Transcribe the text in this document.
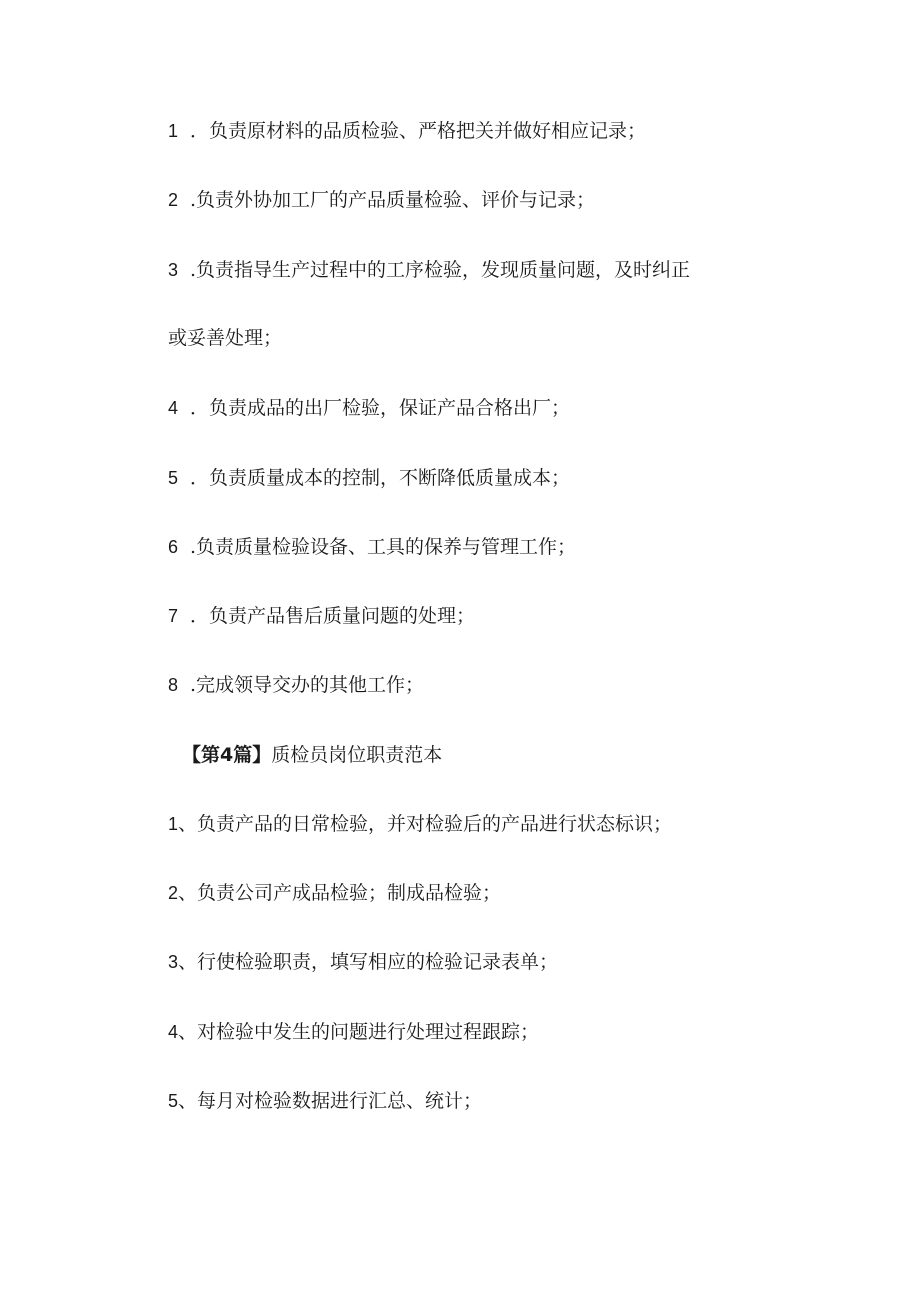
1 ．负责原材料的品质检验、严格把关并做好相应记录；
2 .负责外协加工厂的产品质量检验、评价与记录；
3 .负责指导生产过程中的工序检验，发现质量问题，及时纠正
或妥善处理；
4 ．负责成品的出厂检验，保证产品合格出厂；
5 ．负责质量成本的控制，不断降低质量成本；
6 .负责质量检验设备、工具的保养与管理工作；
7 ．负责产品售后质量问题的处理；
8 .完成领导交办的其他工作；
【第4篇】质检员岗位职责范本
1、负责产品的日常检验，并对检验后的产品进行状态标识；
2、负责公司产成品检验；制成品检验；
3、行使检验职责，填写相应的检验记录表单；
4、对检验中发生的问题进行处理过程跟踪；
5、每月对检验数据进行汇总、统计；
